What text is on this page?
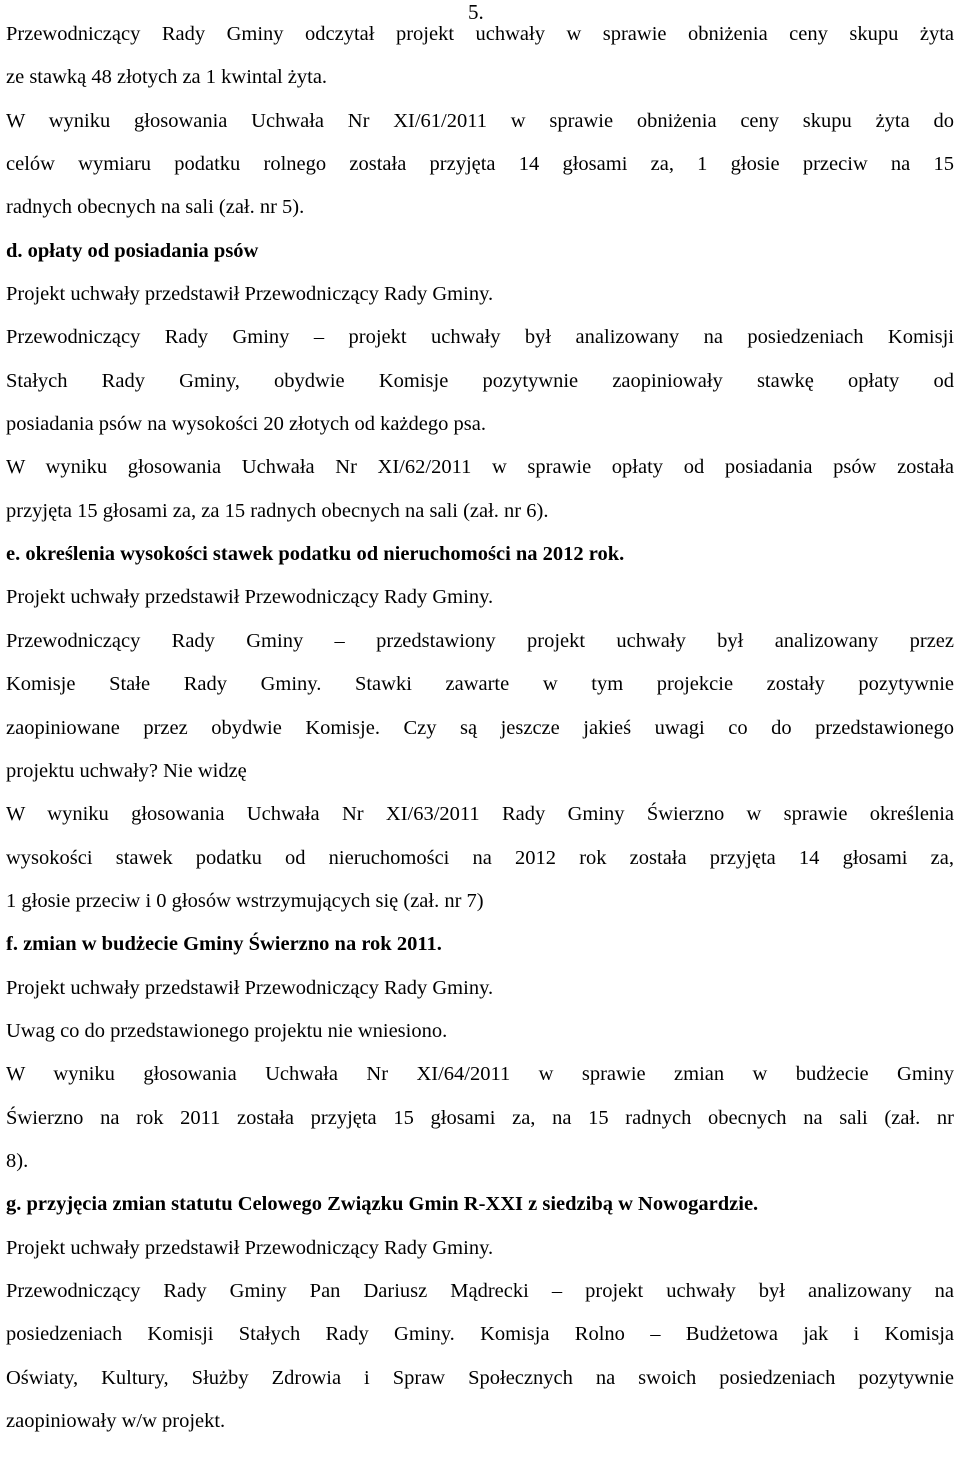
5.
Przewodniczący Rady Gminy odczytał projekt uchwały w sprawie obniżenia ceny skupu żyta
ze stawką 48 złotych za 1 kwintal żyta.
W wyniku głosowania Uchwała Nr XI/61/2011 w sprawie obniżenia ceny skupu żyta do
celów wymiaru podatku rolnego została przyjęta 14 głosami za, 1 głosie przeciw na 15
radnych obecnych na sali (zał. nr 5).
d. opłaty od posiadania psów
Projekt uchwały przedstawił Przewodniczący Rady Gminy.
Przewodniczący Rady Gminy – projekt uchwały był analizowany na posiedzeniach Komisji
Stałych Rady Gminy, obydwie Komisje pozytywnie zaopiniowały stawkę opłaty od
posiadania psów na wysokości 20 złotych od każdego psa.
W wyniku głosowania Uchwała Nr XI/62/2011 w sprawie opłaty od posiadania psów została
przyjęta 15 głosami za, za 15 radnych obecnych na sali (zał. nr 6).
e. określenia wysokości stawek podatku od nieruchomości na 2012 rok.
Projekt uchwały przedstawił Przewodniczący Rady Gminy.
Przewodniczący Rady Gminy – przedstawiony projekt uchwały był analizowany przez
Komisje Stałe Rady Gminy. Stawki zawarte w tym projekcie zostały pozytywnie
zaopiniowane przez obydwie Komisje. Czy są jeszcze jakieś uwagi co do przedstawionego
projektu uchwały? Nie widzę
W wyniku głosowania Uchwała Nr XI/63/2011 Rady Gminy Świerzno w sprawie określenia
wysokości stawek podatku od nieruchomości na 2012 rok została przyjęta 14 głosami za,
1 głosie przeciw i 0 głosów wstrzymujących się (zał. nr 7)
f. zmian w budżecie Gminy Świerzno na rok 2011.
Projekt uchwały przedstawił Przewodniczący Rady Gminy.
Uwag co do przedstawionego projektu nie wniesiono.
W wyniku głosowania Uchwała Nr XI/64/2011 w sprawie zmian w budżecie Gminy
Świerzno na rok 2011 została przyjęta 15 głosami za, na 15 radnych obecnych na sali (zał. nr
8).
g. przyjęcia zmian statutu Celowego Związku Gmin R-XXI z siedzibą w Nowogardzie.
Projekt uchwały przedstawił Przewodniczący Rady Gminy.
Przewodniczący Rady Gminy Pan Dariusz Mądrecki – projekt uchwały był analizowany na
posiedzeniach Komisji Stałych Rady Gminy. Komisja Rolno – Budżetowa jak i Komisja
Oświaty, Kultury, Służby Zdrowia i Spraw Społecznych na swoich posiedzeniach pozytywnie
zaopiniowały w/w projekt.
